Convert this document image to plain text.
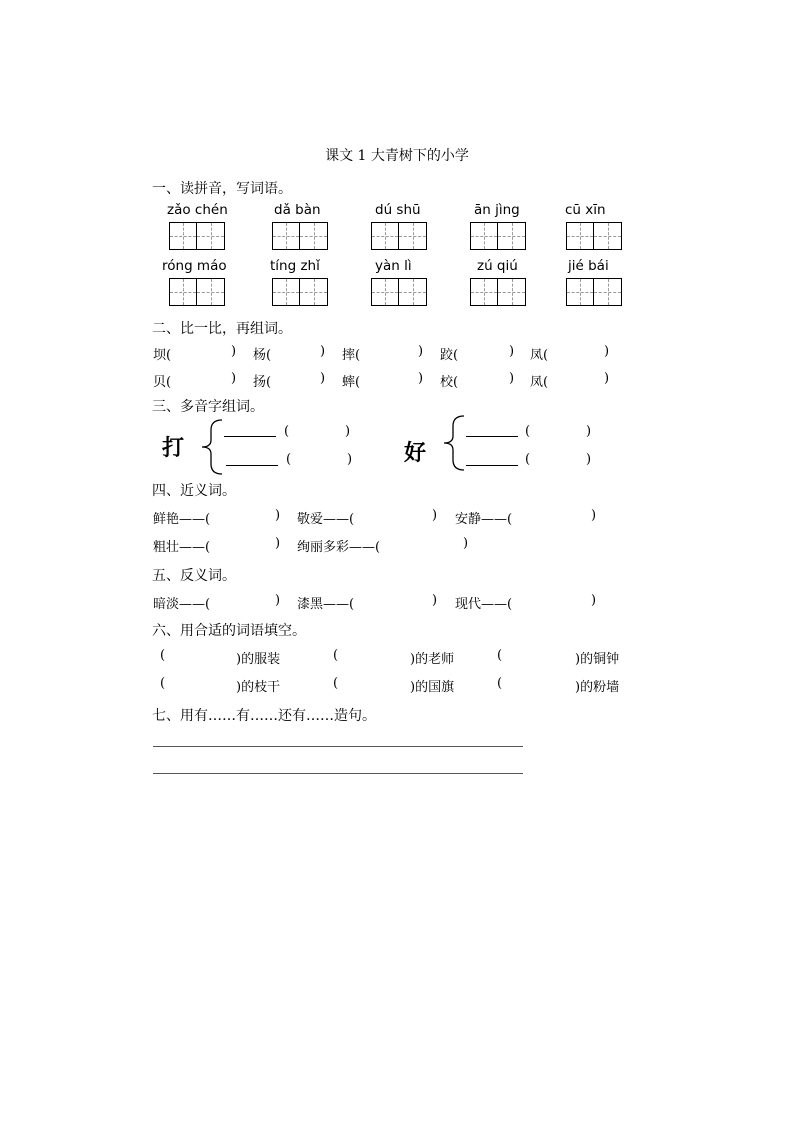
课文 1 大青树下的小学
一、读拼音，写词语。
zǎo chén	dǎ bàn	dú shū	ān jìng	cū xīn
róng máo	tíng zhǐ	yàn lì	zú qiú	jié bái
二、比一比，再组词。
坝(	) 杨(	) 摔(	) 跤(	) 凤(	)
贝(	) 扬(	) 蟀(	) 校(	) 凤(	)
三、多音字组词。
打
(	)
(	) 好
(	)
(	)
四、近义词。
鲜艳——(	) 敬爱——(	) 安静——(	)
粗壮——(	) 绚丽多彩——(	)
五、反义词。
暗淡——(	) 漆黑——(	) 现代——(	)
六、用合适的词语填空。
(	)的服装	(	)的老师	(	)的铜钟
(	)的枝干	(	)的国旗	(	)的粉墙
七、用有……有……还有……造句。
